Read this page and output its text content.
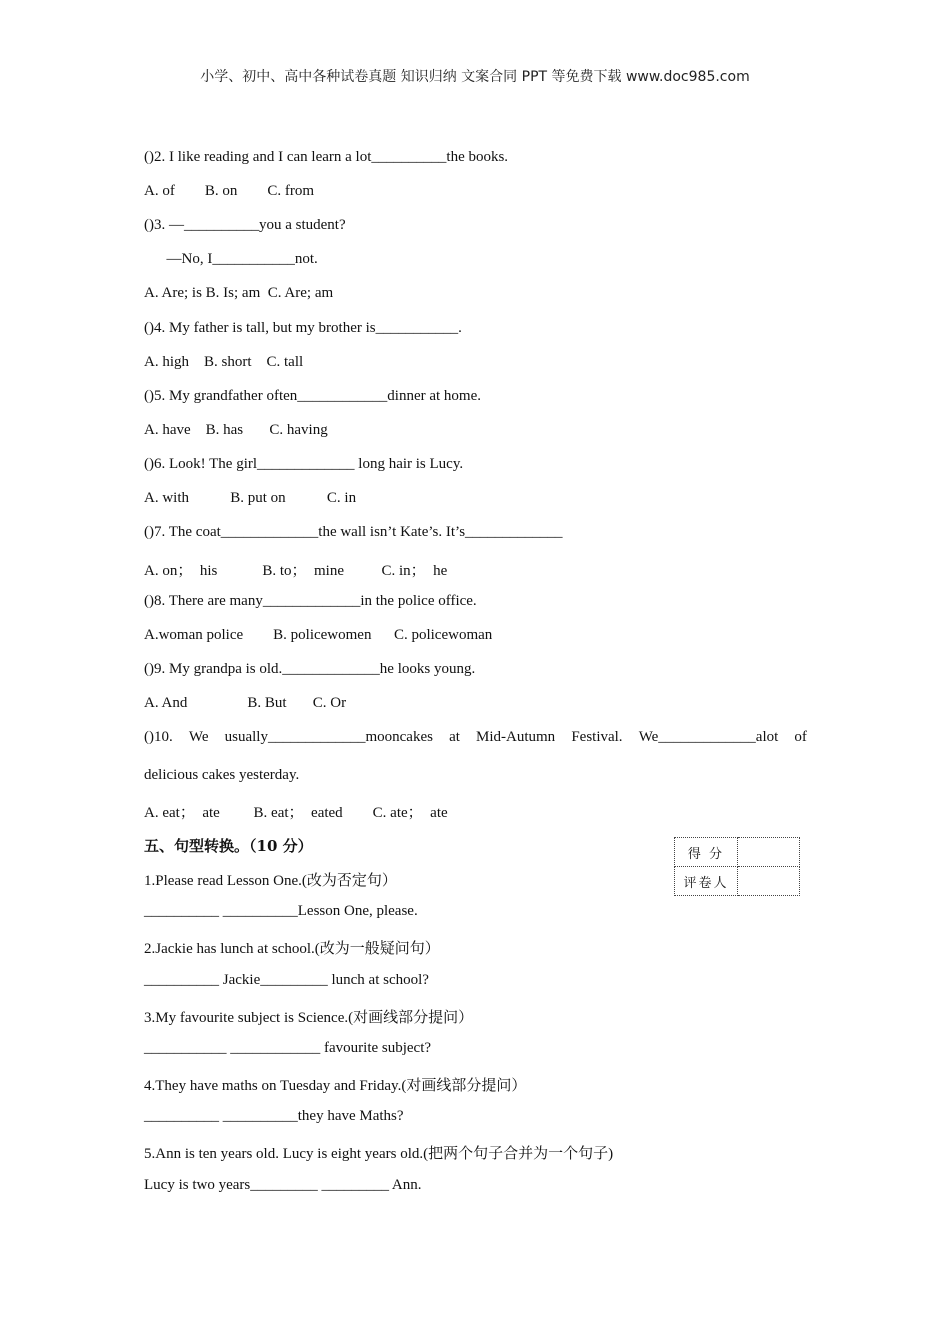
小学、初中、高中各种试卷真题 知识归纳 文案合同 PPT 等免费下载 www.doc985.com
()2. I like reading and I can learn a lot__________the books.
A. of        B. on        C. from
()3. —__________you a student?
—No, I___________not.
A. Are; is B. Is; am  C. Are; am
()4. My father is tall, but my brother is___________.
A. high    B. short    C. tall
()5. My grandfather often____________dinner at home.
A. have    B. has       C. having
()6. Look! The girl_____________ long hair is Lucy.
A. with           B. put on           C. in
()7. The coat_____________the wall isn’t Kate’s. It’s_____________
A. on；  his            B. to；  mine          C. in；  he
()8. There are many_____________in the police office.
A.woman police        B. policewomen      C. policewoman
()9. My grandpa is old._____________he looks young.
A. And                B. But       C. Or
()10. We usually_____________mooncakes at Mid-Autumn Festival. We_____________alot of
delicious cakes yesterday.
A. eat；  ate         B. eat；  eated        C. ate；  ate
五、句型转换。（10 分）	得 分	
评卷人	
1.Please read Lesson One.(改为否定句）
__________ __________Lesson One, please.
2.Jackie has lunch at school.(改为一般疑问句）
__________ Jackie_________ lunch at school?
3.My favourite subject is Science.(对画线部分提问）
___________ ____________ favourite subject?
4.They have maths on Tuesday and Friday.(对画线部分提问）
__________ __________they have Maths?
5.Ann is ten years old. Lucy is eight years old.(把两个句子合并为一个句子)
Lucy is two years_________ _________ Ann.
